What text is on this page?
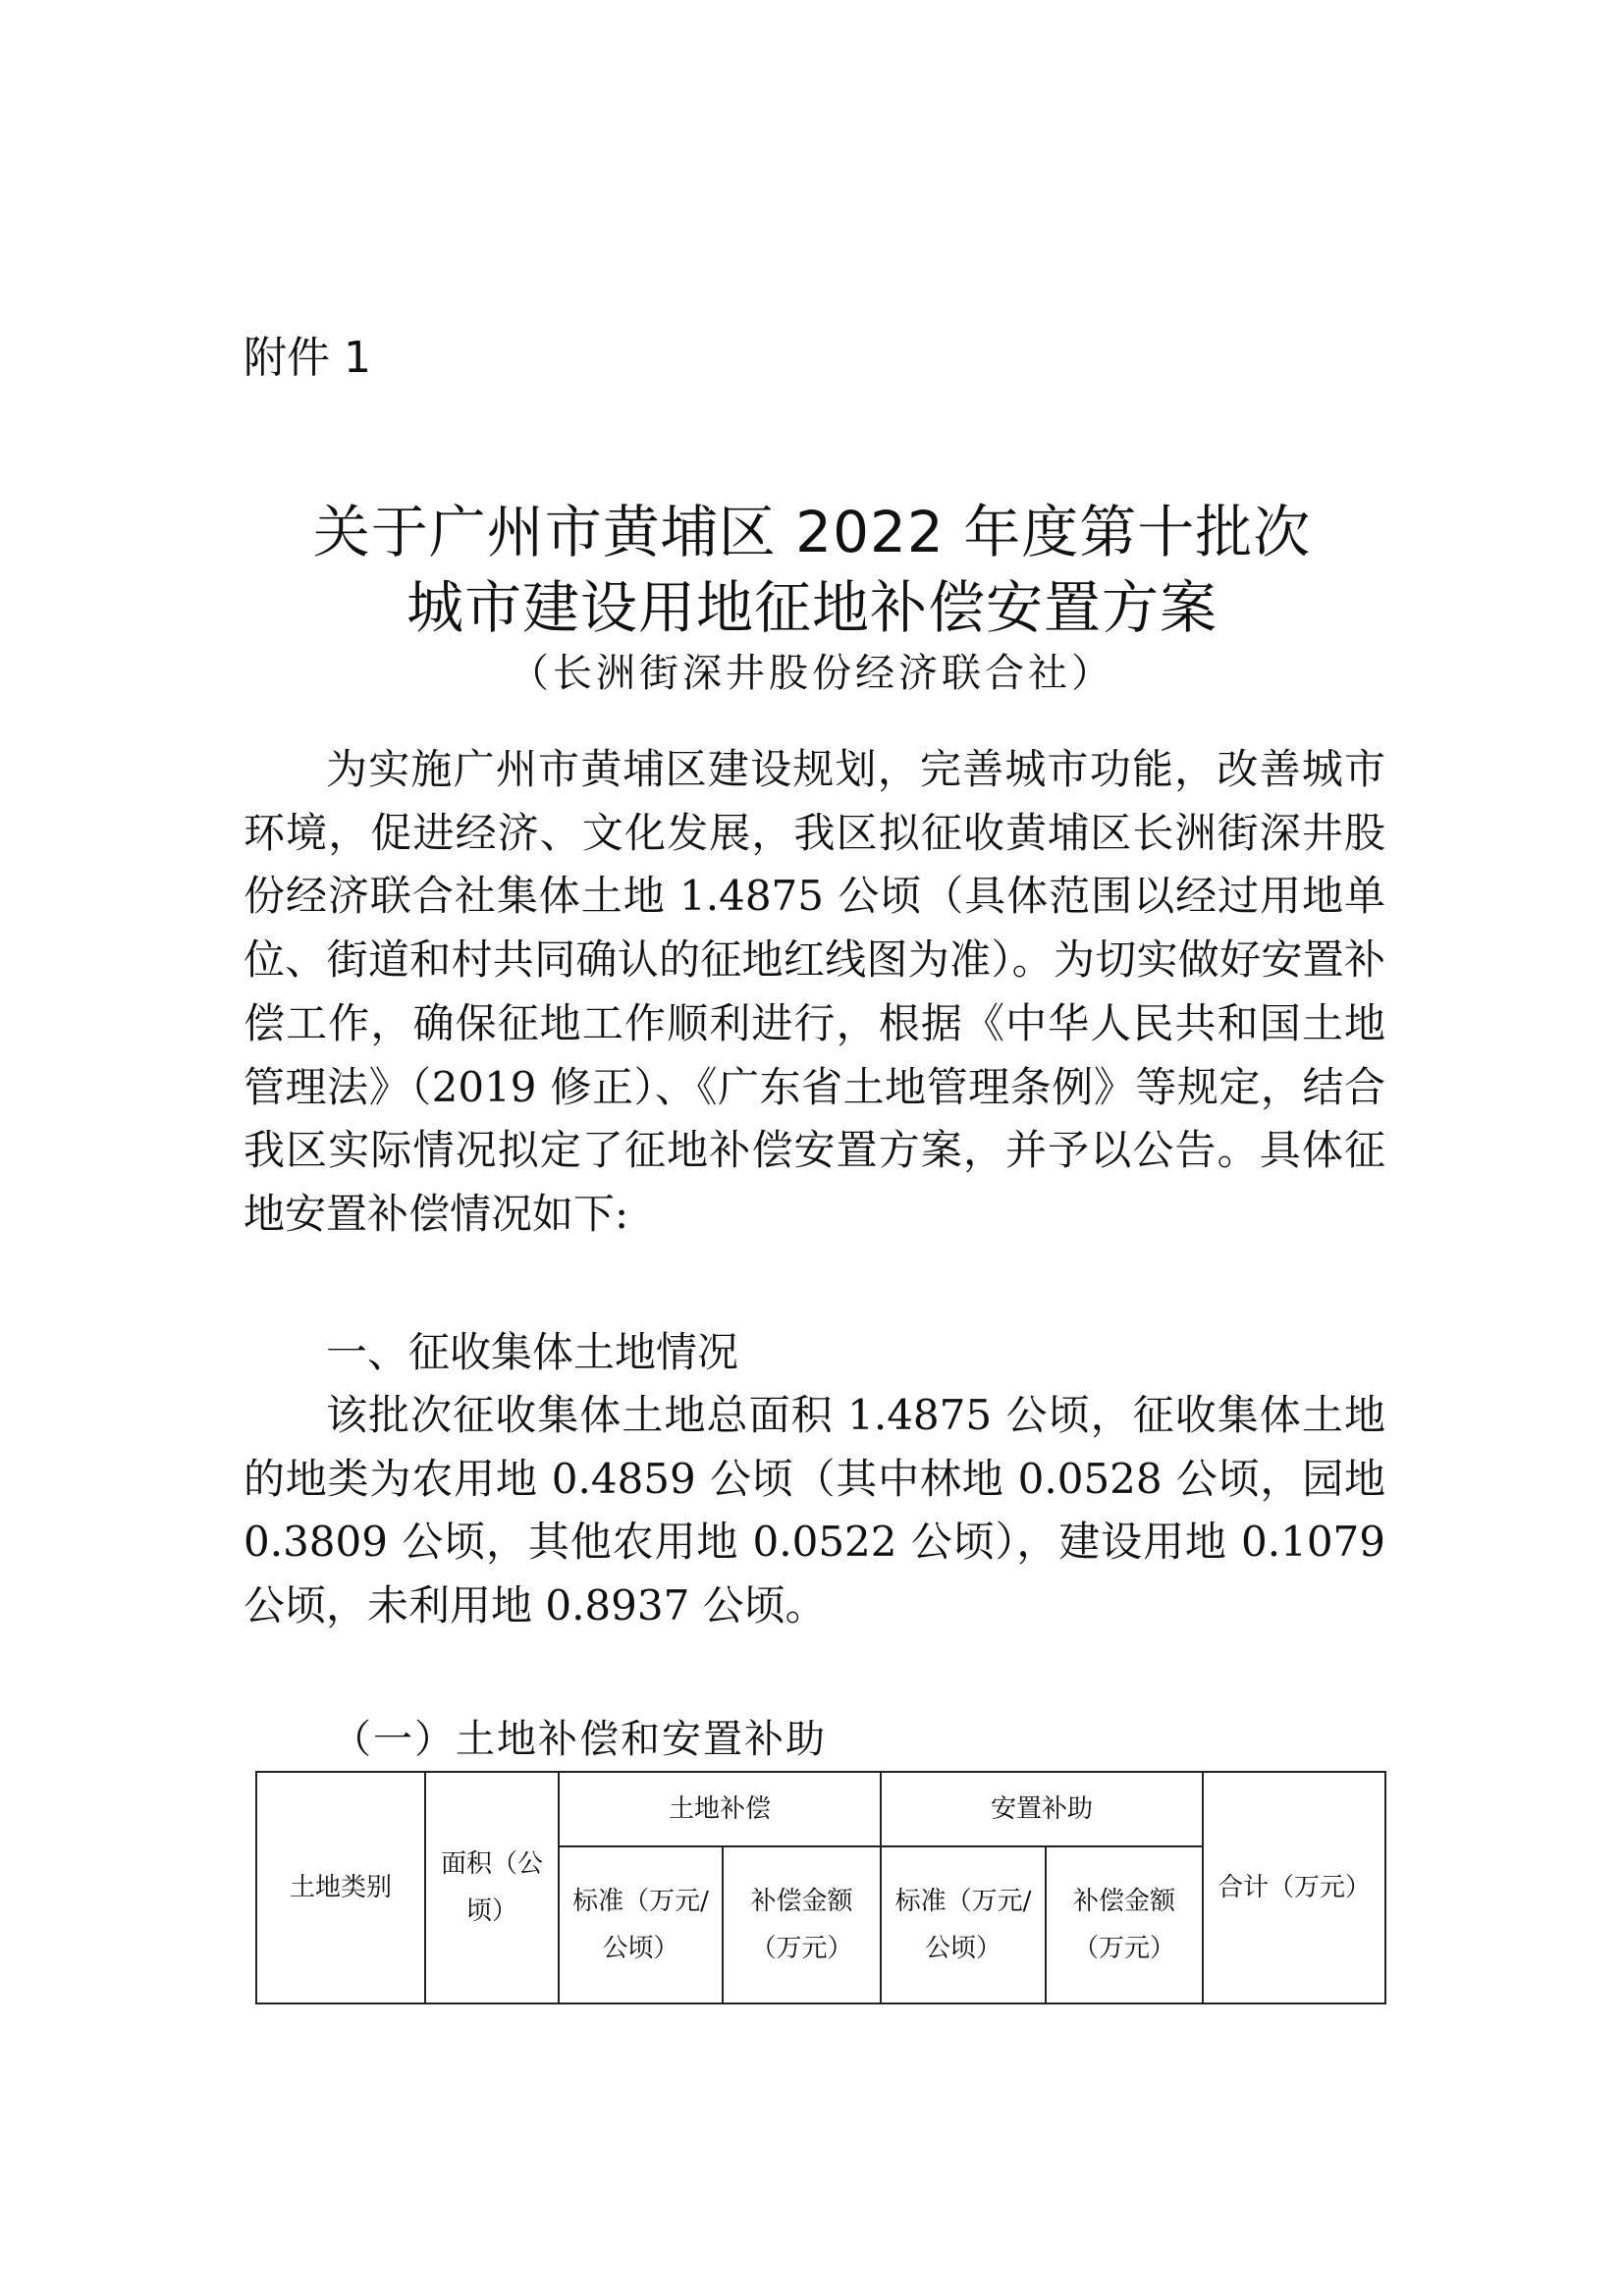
附件 1
关于广州市黄埔区 2022 年度第十批次
城市建设用地征地补偿安置方案
（长洲街深井股份经济联合社）

为实施广州市黄埔区建设规划，完善城市功能，改善城市环境，促进经济、文化发展，我区拟征收黄埔区长洲街深井股份经济联合社集体土地 1.4875 公顷（具体范围以经过用地单位、街道和村共同确认的征地红线图为准）。为切实做好安置补偿工作，确保征地工作顺利进行，根据《中华人民共和国土地管理法》（2019 修正）、《广东省土地管理条例》等规定，结合我区实际情况拟定了征地补偿安置方案，并予以公告。具体征地安置补偿情况如下:

一、征收集体土地情况

该批次征收集体土地总面积 1.4875 公顷，征收集体土地的地类为农用地 0.4859 公顷（其中林地 0.0528 公顷，园地 0.3809 公顷，其他农用地 0.0522 公顷），建设用地 0.1079 公顷，未利用地 0.8937 公顷。

（一）土地补偿和安置补助
土地类别	面积（公顷）	土地补偿		安置补助		合计（万元）
		标准（万元/公顷）	补偿金额（万元）	标准（万元/公顷）	补偿金额（万元）	
